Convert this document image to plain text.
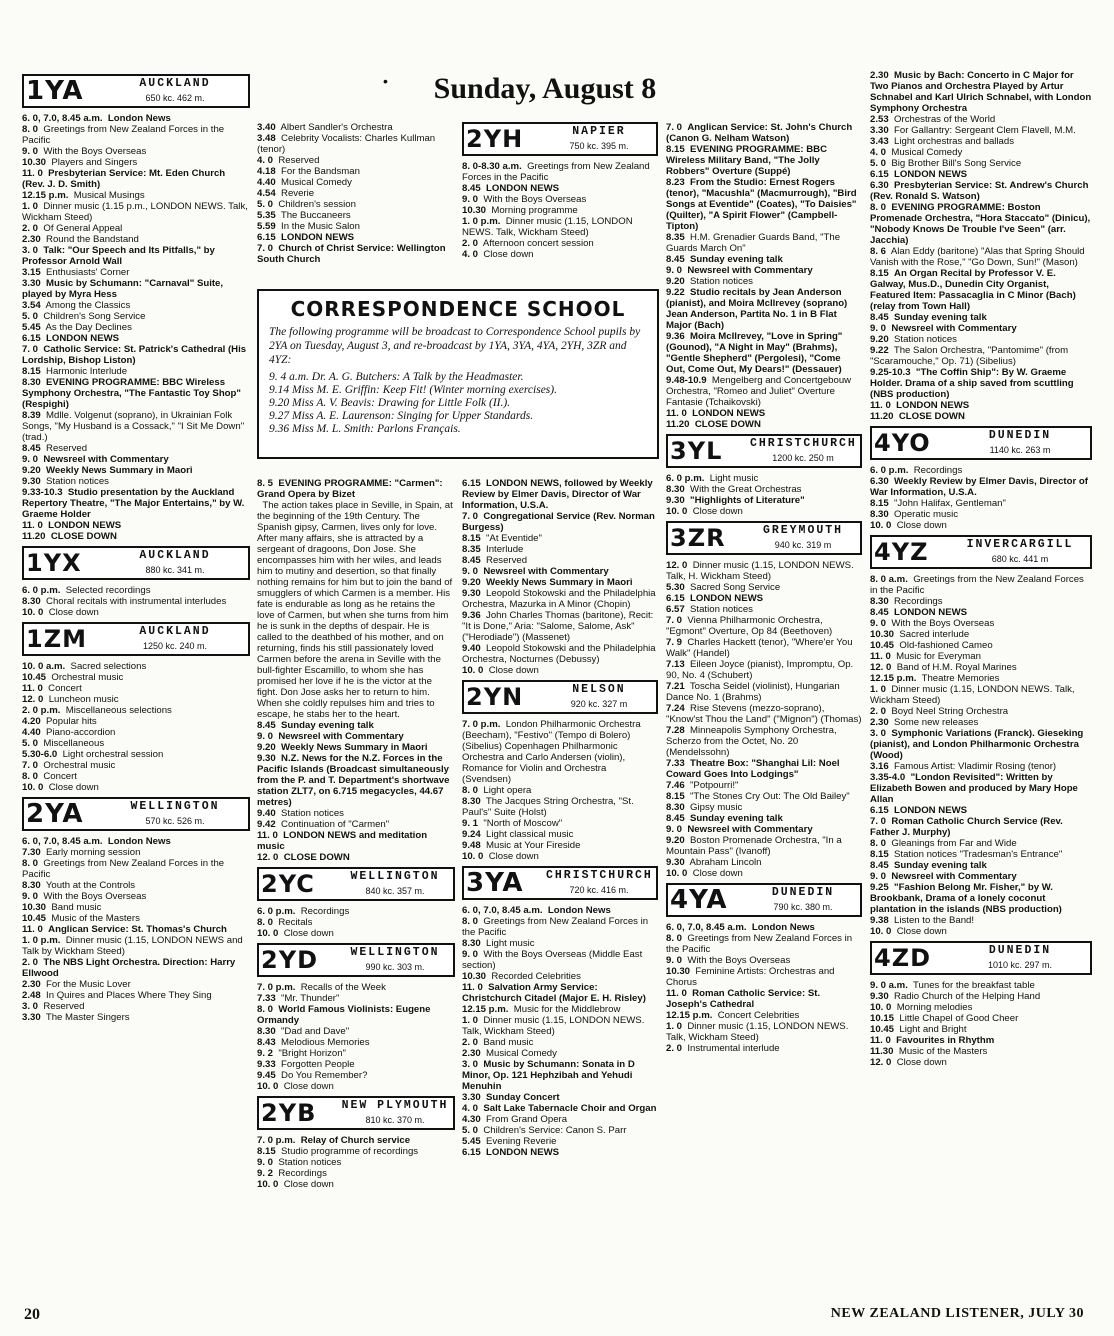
•	Sunday, August 8
1YA	AUCKLAND
650 kc. 462 m.

6. 0, 7.0, 8.45 a.m. London News

8. 0 Greetings from New Zealand Forces in the Pacific

9. 0 With the Boys Overseas

10.30 Players and Singers

11. 0 Presbyterian Service: Mt. Eden Church (Rev. J. D. Smith)

12.15 p.m. Musical Musings

1. 0 Dinner music (1.15 p.m., LONDON NEWS. Talk, Wickham Steed)

2. 0 Of General Appeal

2.30 Round the Bandstand

3. 0 Talk: "Our Speech and Its Pitfalls," by Professor Arnold Wall

3.15 Enthusiasts' Corner

3.30 Music by Schumann: "Carnaval" Suite, played by Myra Hess

3.54 Among the Classics

5. 0 Children's Song Service

5.45 As the Day Declines

6.15 LONDON NEWS

7. 0 Catholic Service: St. Patrick's Cathedral (His Lordship, Bishop Liston)

8.15 Harmonic Interlude

8.30 EVENING PROGRAMME: BBC Wireless Symphony Orchestra, "The Fantastic Toy Shop" (Respighi)

8.39 Mdlle. Volgenut (soprano), in Ukrainian Folk Songs, "My Husband is a Cossack," "I Sit Me Down" (trad.)

8.45 Reserved

9. 0 Newsreel with Commentary

9.20 Weekly News Summary in Maori

9.30 Station notices

9.33-10.3 Studio presentation by the Auckland Repertory Theatre, "The Major Entertains," by W. Graeme Holder

11. 0 LONDON NEWS

11.20 CLOSE DOWN

1YX	AUCKLAND
880 kc. 341 m.

6. 0 p.m. Selected recordings

8.30 Choral recitals with instrumental interludes

10. 0 Close down

1ZM	AUCKLAND
1250 kc. 240 m.

10. 0 a.m. Sacred selections

10.45 Orchestral music

11. 0 Concert

12. 0 Luncheon music

2. 0 p.m. Miscellaneous selections

4.20 Popular hits

4.40 Piano-accordion

5. 0 Miscellaneous

5.30-6.0 Light orchestral session

7. 0 Orchestral music

8. 0 Concert

10. 0 Close down

2YA	WELLINGTON
570 kc. 526 m.

6. 0, 7.0, 8.45 a.m. London News

7.30 Early morning session

8. 0 Greetings from New Zealand Forces in the Pacific

8.30 Youth at the Controls

9. 0 With the Boys Overseas

10.30 Band music

10.45 Music of the Masters

11. 0 Anglican Service: St. Thomas's Church

1. 0 p.m. Dinner music (1.15, LONDON NEWS and Talk by Wickham Steed)

2. 0 The NBS Light Orchestra. Direction: Harry Ellwood

2.30 For the Music Lover

2.48 In Quires and Places Where They Sing

3. 0 Reserved

3.30 The Master Singers

3.40 Albert Sandler's Orchestra

3.48 Celebrity Vocalists: Charles Kullman (tenor)

4. 0 Reserved

4.18 For the Bandsman

4.40 Musical Comedy

4.54 Reverie

5. 0 Children's session

5.35 The Buccaneers

5.59 In the Music Salon

6.15 LONDON NEWS

7. 0 Church of Christ Service: Wellington South Church

2YH	NAPIER
750 kc. 395 m.

8. 0-8.30 a.m. Greetings from New Zealand Forces in the Pacific

8.45 LONDON NEWS

9. 0 With the Boys Overseas

10.30 Morning programme

1. 0 p.m. Dinner music (1.15, LONDON NEWS. Talk, Wickham Steed)

2. 0 Afternoon concert session

4. 0 Close down

CORRESPONDENCE SCHOOL

The following programme will be broadcast to Correspondence School pupils by 2YA on Tuesday, August 3, and re-broadcast by 1YA, 3YA, 4YA, 2YH, 3ZR and 4YZ:

9. 4 a.m. Dr. A. G. Butchers: A Talk by the Headmaster.
9.14 Miss M. E. Griffin: Keep Fit! (Winter morning exercises).
9.20 Miss A. V. Beavis: Drawing for Little Folk (II.).
9.27 Miss A. E. Laurenson: Singing for Upper Standards.
9.36 Miss M. L. Smith: Parlons Français.

8. 5 EVENING PROGRAMME: "Carmen": Grand Opera by Bizet

The action takes place in Seville, in Spain, at the beginning of the 19th Century. The Spanish gipsy, Carmen, lives only for love. After many affairs, she is attracted by a sergeant of dragoons, Don Jose. She encompasses him with her wiles, and leads him to mutiny and desertion, so that finally nothing remains for him but to join the band of smugglers of which Carmen is a member. His fate is endurable as long as he retains the love of Carmen, but when she turns from him he is sunk in the depths of despair. He is called to the deathbed of his mother, and on returning, finds his still passionately loved Carmen before the arena in Seville with the bull-fighter Escamillo, to whom she has promised her love if he is the victor at the fight. Don Jose asks her to return to him. When she coldly repulses him and tries to escape, he stabs her to the heart.

8.45 Sunday evening talk

9. 0 Newsreel with Commentary

9.20 Weekly News Summary in Maori

9.30 N.Z. News for the N.Z. Forces in the Pacific Islands (Broadcast simultaneously from the P. and T. Department's shortwave station ZLT7, on 6.715 megacycles, 44.67 metres)

9.40 Station notices

9.42 Continuation of "Carmen"

11. 0 LONDON NEWS and meditation music

12. 0 CLOSE DOWN

2YC	WELLINGTON
840 kc. 357 m.

6. 0 p.m. Recordings

8. 0 Recitals

10. 0 Close down

2YD	WELLINGTON
990 kc. 303 m.

7. 0 p.m. Recalls of the Week

7.33 "Mr. Thunder"

8. 0 World Famous Violinists: Eugene Ormandy

8.30 "Dad and Dave"

8.43 Melodious Memories

9. 2 "Bright Horizon"

9.33 Forgotten People

9.45 Do You Remember?

10. 0 Close down

2YB NEW PLYMOUTH
810 kc. 370 m.

7. 0 p.m. Relay of Church service

8.15 Studio programme of recordings

9. 0 Station notices

9. 2 Recordings

10. 0 Close down

6.15 LONDON NEWS, followed by Weekly Review by Elmer Davis, Director of War Information, U.S.A.

7. 0 Congregational Service (Rev. Norman Burgess)

8.15 "At Eventide"

8.35 Interlude

8.45 Reserved

9. 0 Newsreel with Commentary

9.20 Weekly News Summary in Maori

9.30 Leopold Stokowski and the Philadelphia Orchestra, Mazurka in A Minor (Chopin)

9.36 John Charles Thomas (baritone), Recit: "It is Done," Aria: "Salome, Salome, Ask" ("Herodiade") (Massenet)

9.40 Leopold Stokowski and the Philadelphia Orchestra, Nocturnes (Debussy)

10. 0 Close down

2YN	NELSON
920 kc. 327 m

7. 0 p.m. London Philharmonic Orchestra (Beecham), "Festivo" (Tempo di Bolero) (Sibelius) Copenhagen Philharmonic Orchestra and Carlo Andersen (violin), Romance for Violin and Orchestra (Svendsen)

8. 0 Light opera

8.30 The Jacques String Orchestra, "St. Paul's" Suite (Holst)

9. 1 "North of Moscow"

9.24 Light classical music

9.48 Music at Your Fireside

10. 0 Close down

3YA CHRISTCHURCH
720 kc. 416 m.

6. 0, 7.0, 8.45 a.m. London News

8. 0 Greetings from New Zealand Forces in the Pacific

8.30 Light music

9. 0 With the Boys Overseas (Middle East section)

10.30 Recorded Celebrities

11. 0 Salvation Army Service: Christchurch Citadel (Major E. H. Risley)

12.15 p.m. Music for the Middlebrow

1. 0 Dinner music (1.15, LONDON NEWS. Talk, Wickham Steed)

2. 0 Band music

2.30 Musical Comedy

3. 0 Music by Schumann: Sonata in D Minor, Op. 121 Hephzibah and Yehudi Menuhin

3.30 Sunday Concert

4. 0 Salt Lake Tabernacle Choir and Organ

4.30 From Grand Opera

5. 0 Children's Service: Canon S. Parr

5.45 Evening Reverie

6.15 LONDON NEWS

7. 0 Anglican Service: St. John's Church (Canon G. Nelham Watson)

8.15 EVENING PROGRAMME: BBC Wireless Military Band, "The Jolly Robbers" Overture (Suppé)

8.23 From the Studio: Ernest Rogers (tenor), "Macushla" (Macmurrough), "Bird Songs at Eventide" (Coates), "To Daisies" (Quilter), "A Spirit Flower" (Campbell-Tipton)

8.35 H.M. Grenadier Guards Band, "The Guards March On"

8.45 Sunday evening talk

9. 0 Newsreel with Commentary

9.20 Station notices

9.22 Studio recitals by Jean Anderson (pianist), and Moira McIlrevey (soprano) Jean Anderson, Partita No. 1 in B Flat Major (Bach)

9.36 Moira McIlrevey, "Love in Spring" (Gounod), "A Night in May" (Brahms), "Gentle Shepherd" (Pergolesi), "Come Out, Come Out, My Dears!" (Dessauer)

9.48-10.9 Mengelberg and Concertgebouw Orchestra, "Romeo and Juliet" Overture Fantasie (Tchaikovski)

11. 0 LONDON NEWS

11.20 CLOSE DOWN

3YL CHRISTCHURCH
1200 kc. 250 m

6. 0 p.m. Light music

8.30 With the Great Orchestras

9.30 "Highlights of Literature"

10. 0 Close down

3ZR	GREYMOUTH
940 kc. 319 m

12. 0 Dinner music (1.15, LONDON NEWS. Talk, H. Wickham Steed)

5.30 Sacred Song Service

6.15 LONDON NEWS

6.57 Station notices

7. 0 Vienna Philharmonic Orchestra, "Egmont" Overture, Op 84 (Beethoven)

7. 9 Charles Hackett (tenor), "Where'er You Walk" (Handel)

7.13 Eileen Joyce (pianist), Impromptu, Op. 90, No. 4 (Schubert)

7.21 Toscha Seidel (violinist), Hungarian Dance No. 1 (Brahms)

7.24 Rise Stevens (mezzo-soprano), "Know'st Thou the Land" ("Mignon") (Thomas)

7.28 Minneapolis Symphony Orchestra, Scherzo from the Octet, No. 20 (Mendelssohn)

7.33 Theatre Box: "Shanghai Lil: Noel Coward Goes Into Lodgings"

7.46 "Potpourri!"

8.15 "The Stones Cry Out: The Old Bailey"

8.30 Gipsy music

8.45 Sunday evening talk

9. 0 Newsreel with Commentary

9.20 Boston Promenade Orchestra, "In a Mountain Pass" (Ivanoff)

9.30 Abraham Lincoln

10. 0 Close down

4YA	DUNEDIN
790 kc. 380 m.

6. 0, 7.0, 8.45 a.m. London News

8. 0 Greetings from New Zealand Forces in the Pacific

9. 0 With the Boys Overseas

10.30 Feminine Artists: Orchestras and Chorus

11. 0 Roman Catholic Service: St. Joseph's Cathedral

12.15 p.m. Concert Celebrities

1. 0 Dinner music (1.15, LONDON NEWS. Talk, Wickham Steed)

2. 0 Instrumental interlude

2.30 Music by Bach: Concerto in C Major for Two Pianos and Orchestra Played by Artur Schnabel and Karl Ulrich Schnabel, with London Symphony Orchestra

2.53 Orchestras of the World

3.30 For Gallantry: Sergeant Clem Flavell, M.M.

3.43 Light orchestras and ballads

4. 0 Musical Comedy

5. 0 Big Brother Bill's Song Service

6.15 LONDON NEWS

6.30 Presbyterian Service: St. Andrew's Church (Rev. Ronald S. Watson)

8. 0 EVENING PROGRAMME: Boston Promenade Orchestra, "Hora Staccato" (Dinicu), "Nobody Knows De Trouble I've Seen" (arr. Jacchia)

8. 6 Alan Eddy (baritone) "Alas that Spring Should Vanish with the Rose," "Go Down, Sun!" (Mason)

8.15 An Organ Recital by Professor V. E. Galway, Mus.D., Dunedin City Organist, Featured Item: Passacaglia in C Minor (Bach) (relay from Town Hall)

8.45 Sunday evening talk

9. 0 Newsreel with Commentary

9.20 Station notices

9.22 The Salon Orchestra, "Pantomime" (from "Scaramouche," Op. 71) (Sibelius)

9.25-10.3 "The Coffin Ship": By W. Graeme Holder. Drama of a ship saved from scuttling (NBS production)

11. 0 LONDON NEWS

11.20 CLOSE DOWN

4YO	DUNEDIN
1140 kc. 263 m

6. 0 p.m. Recordings

6.30 Weekly Review by Elmer Davis, Director of War Information, U.S.A.

8.15 "John Halifax, Gentleman"

8.30 Operatic music

10. 0 Close down

4YZ	INVERCARGILL
680 kc. 441 m

8. 0 a.m. Greetings from the New Zealand Forces in the Pacific

8.30 Recordings

8.45 LONDON NEWS

9. 0 With the Boys Overseas

10.30 Sacred interlude

10.45 Old-fashioned Cameo

11. 0 Music for Everyman

12. 0 Band of H.M. Royal Marines

12.15 p.m. Theatre Memories

1. 0 Dinner music (1.15, LONDON NEWS. Talk, Wickham Steed)

2. 0 Boyd Neel String Orchestra

2.30 Some new releases

3. 0 Symphonic Variations (Franck). Gieseking (pianist), and London Philharmonic Orchestra (Wood)

3.16 Famous Artist: Vladimir Rosing (tenor)

3.35-4.0 "London Revisited": Written by Elizabeth Bowen and produced by Mary Hope Allan

6.15 LONDON NEWS

7. 0 Roman Catholic Church Service (Rev. Father J. Murphy)

8. 0 Gleanings from Far and Wide

8.15 Station notices "Tradesman's Entrance"

8.45 Sunday evening talk

9. 0 Newsreel with Commentary

9.25 "Fashion Belong Mr. Fisher," by W. Brookbank, Drama of a lonely coconut plantation in the islands (NBS production)

9.38 Listen to the Band!

10. 0 Close down

4ZD	DUNEDIN
1010 kc. 297 m.

9. 0 a.m. Tunes for the breakfast table

9.30 Radio Church of the Helping Hand

10. 0 Morning melodies

10.15 Little Chapel of Good Cheer

10.45 Light and Bright

11. 0 Favourites in Rhythm

11.30 Music of the Masters

12. 0 Close down

20	NEW ZEALAND LISTENER, JULY 30
